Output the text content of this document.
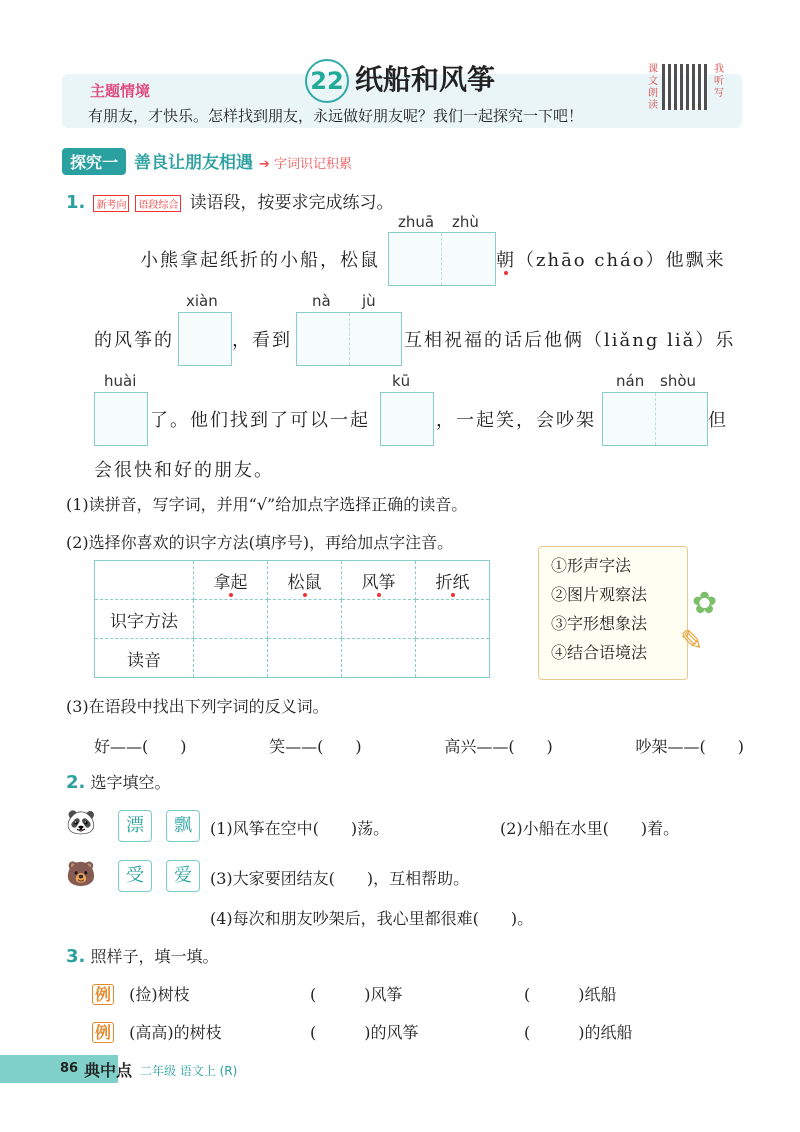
22 纸船和风筝
主题情境
有朋友，才快乐。怎样找到朋友，永远做好朋友呢？我们一起探究一下吧！
课文朗读
我听写
探究一 善良让朋友相遇 ➔ 字词识记积累
1. 新考向 语段综合 读语段，按要求完成练习。
zhuā zhù
小熊拿起纸折的小船，松鼠	朝（zhāo cháo）他飘来
xiàn	nà jù
的风筝的	，看到	互相祝福的话后他俩（liǎng liǎ）乐
huài	kū	nán shòu
了。他们找到了可以一起	，一起笑，会吵架	但
会很快和好的朋友。
(1)读拼音，写字词，并用“√”给加点字选择正确的读音。
(2)选择你喜欢的识字方法(填序号)，再给加点字注音。
	拿起	松鼠	风筝	折纸
识字方法				
读音				
①形声字法
②图片观察法
③字形想象法
④结合语境法
✿
✎
(3)在语段中找出下列字词的反义词。
好——(　　)	笑——(　　)	高兴——(　　)	吵架——(　　)
2. 选字填空。
🐼	漂	飘	(1)风筝在空中(　　)荡。	(2)小船在水里(　　)着。
🐻	受	爱	(3)大家要团结友(　　)，互相帮助。
(4)每次和朋友吵架后，我心里都很难(　　)。
3. 照样子，填一填。
例 (捡)树枝	(　　　)风筝	(　　　)纸船
例 (高高)的树枝	(　　　)的风筝	(　　　)的纸船
86 典中点 二年级 语文上 (R)
